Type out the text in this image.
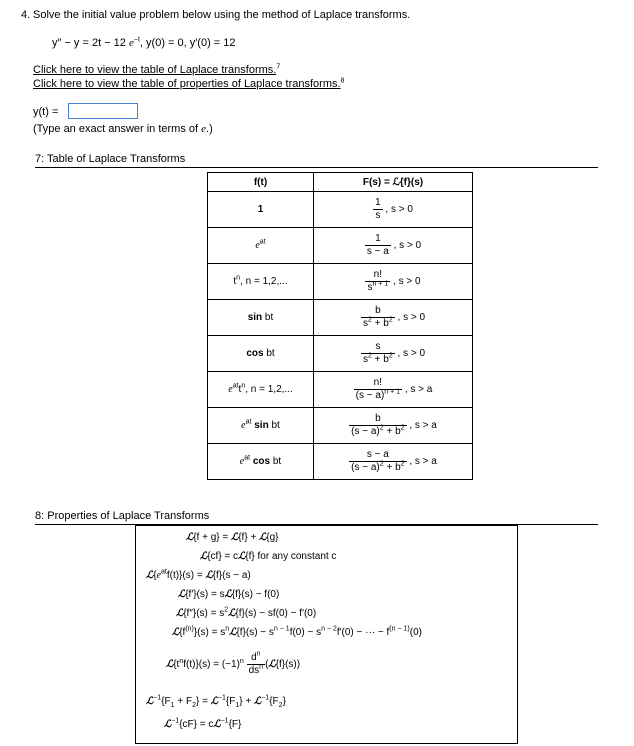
4. Solve the initial value problem below using the method of Laplace transforms.
y″ − y = 2t − 12 $e^{-t}$, y(0) = 0, y′(0) = 12
Click here to view the table of Laplace transforms.$^7$
Click here to view the table of properties of Laplace transforms.$^8$
y(t) =
(Type an exact answer in terms of e.)
7: Table of Laplace Transforms
f(t)	F(s) = ℒ{f}(s)
1	$\frac{1}{s}$ , s > 0
$e^{at}$	$\frac{1}{s - a}$ , s > 0
$t^n$, n = 1,2,...	$\frac{n!}{s^{n + 1}}$ , s > 0
sin bt	$\frac{b}{s^2 + b^2}$ , s > 0
cos bt	$\frac{s}{s^2 + b^2}$ , s > 0
$e^{at}t^n$, n = 1,2,...	$\frac{n!}{(s - a)^{n + 1}}$ , s > a
$e^{at}$ sin bt	$\frac{b}{(s - a)^2 + b^2}$ , s > a
$e^{at}$ cos bt	$\frac{s - a}{(s - a)^2 + b^2}$ , s > a
8: Properties of Laplace Transforms
ℒ{f + g} = ℒ{f} + ℒ{g}
ℒ{cf} = cℒ{f} for any constant c
$ℒ\{e^{at}f(t)\}(s)$ = ℒ{f}(s − a)
ℒ{f′}(s) = sℒ{f}(s) − f(0)
ℒ{f″}(s) = $s^2ℒ\{f\}(s) - sf(0) - f'(0)$
$ℒ\{f^{(n)}\}(s)$ = $s^nℒ\{f\}(s) - s^{n - 1}f(0) - s^{n - 2}f'(0)$ − ··· − $f^{(n - 1)}(0)$
$ℒ\{t^nf(t)\}(s) = (-1)^n \frac{d^n}{ds^n}$ (ℒ{f}(s))
$ℒ^{-1}\{F_1 + F_2\}$ = $ℒ^{-1}\{F_1\}$ + $ℒ^{-1}\{F_2\}$
ℒ$^{-1}${cF} = cℒ$^{-1}${F}
